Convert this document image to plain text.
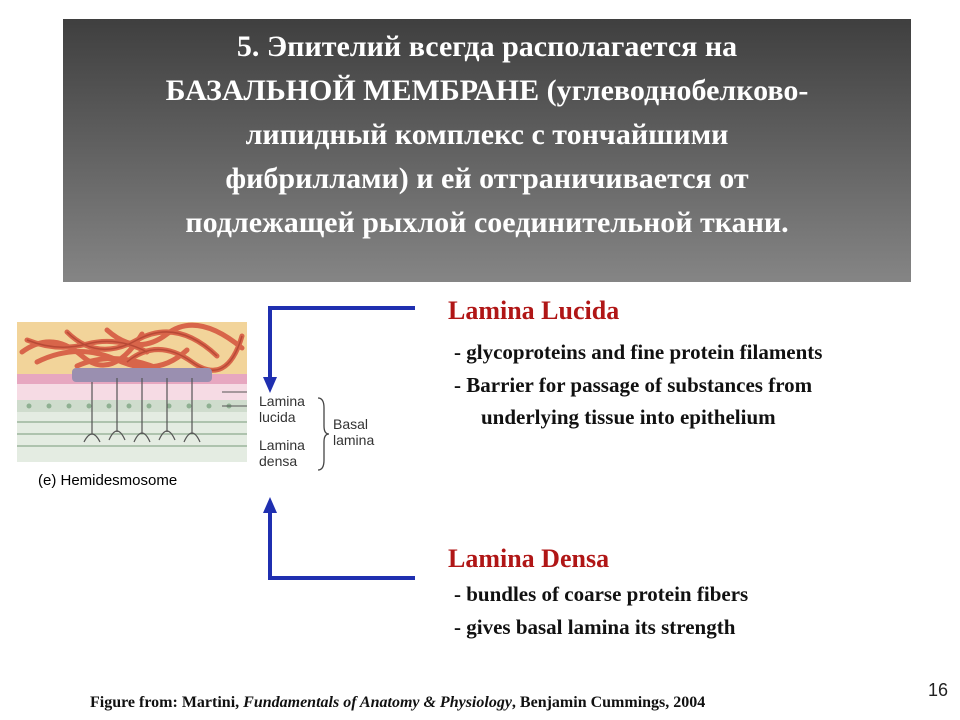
5. Эпителий всегда располагается на
БАЗАЛЬНОЙ МЕМБРАНЕ (углеводнобелково-
липидный комплекс с тончайшими
фибриллами) и ей отграничивается от
подлежащей рыхлой соединительной ткани.
Lamina
lucida
Lamina
densa
Basal
lamina
(e) Hemidesmosome
Lamina Lucida
- glycoproteins and fine protein filaments
- Barrier for passage of substances from
underlying tissue into epithelium
Lamina Densa
- bundles of coarse protein fibers
- gives basal lamina its strength
Figure from: Martini, Fundamentals of Anatomy & Physiology, Benjamin Cummings, 2004
16
